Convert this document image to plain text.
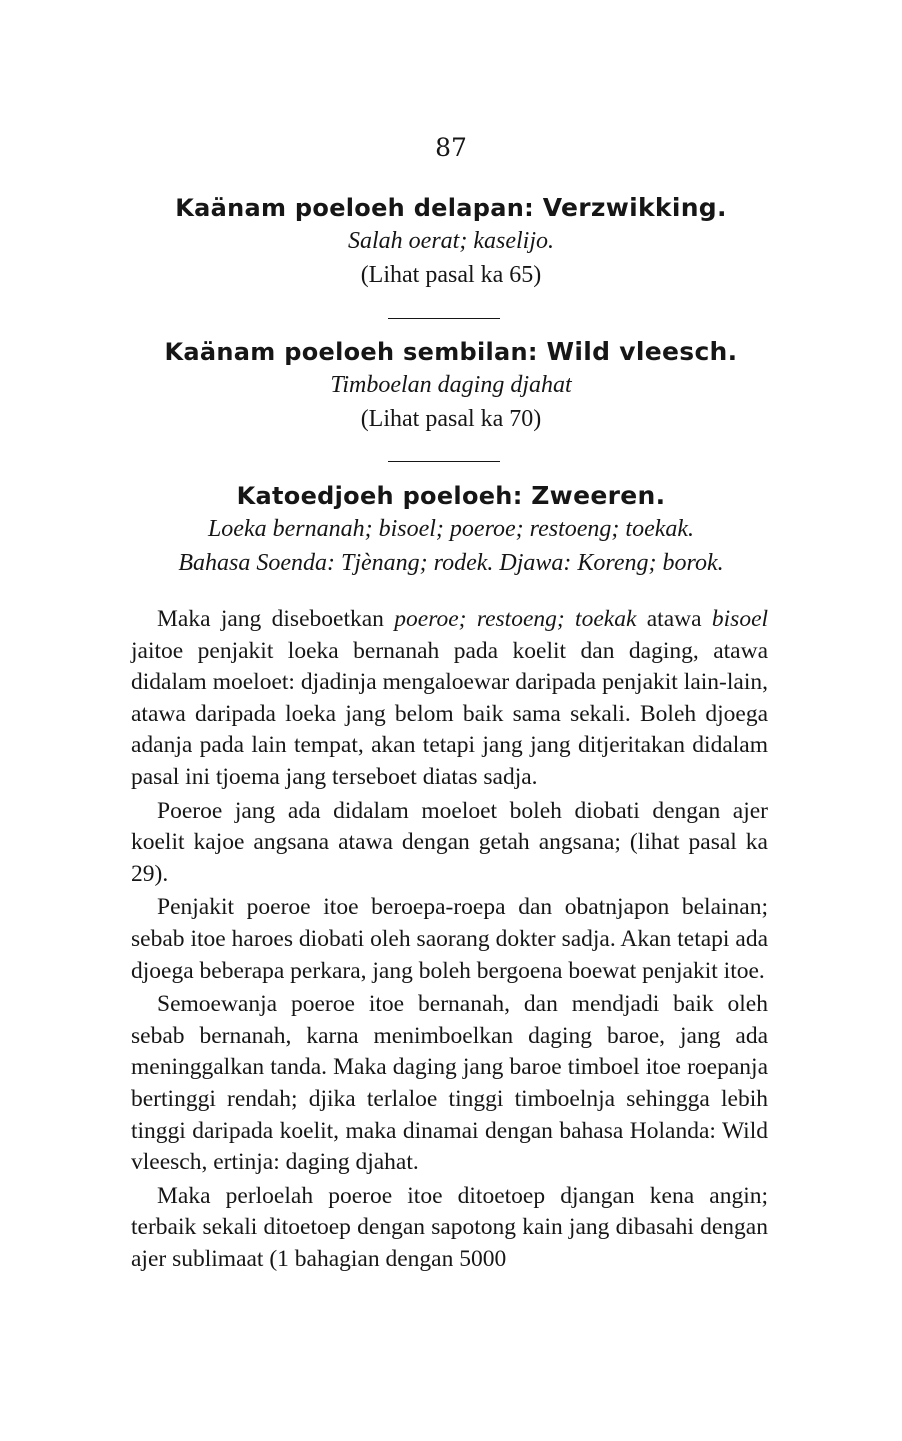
87
Kaänam poeloeh delapan: Verzwikking.
Salah oerat; kaselijo.
(Lihat pasal ka 65)
Kaänam poeloeh sembilan: Wild vleesch.
Timboelan daging djahat
(Lihat pasal ka 70)
Katoedjoeh poeloeh: Zweeren.
Loeka bernanah; bisoel; poeroe; restoeng; toekak.
Bahasa Soenda: Tjènang; rodek. Djawa: Koreng; borok.

Maka jang diseboetkan poeroe; restoeng; toekak atawa bisoel jaitoe penjakit loeka bernanah pada koelit dan daging, atawa didalam moeloet: djadinja mengaloewar daripada penjakit lain-lain, atawa daripada loeka jang belom baik sama sekali. Boleh djoega adanja pada lain tempat, akan tetapi jang jang ditjeritakan didalam pasal ini tjoema jang terseboet diatas sadja.

Poeroe jang ada didalam moeloet boleh diobati dengan ajer koelit kajoe angsana atawa dengan getah angsana; (lihat pasal ka 29).

Penjakit poeroe itoe beroepa-roepa dan obatnjapon belainan; sebab itoe haroes diobati oleh saorang dokter sadja. Akan tetapi ada djoega beberapa perkara, jang boleh bergoena boewat penjakit itoe.

Semoewanja poeroe itoe bernanah, dan mendjadi baik oleh sebab bernanah, karna menimboelkan daging baroe, jang ada meninggalkan tanda. Maka daging jang baroe timboel itoe roepanja bertinggi rendah; djika terlaloe tinggi timboelnja sehingga lebih tinggi daripada koelit, maka dinamai dengan bahasa Holanda: Wild vleesch, ertinja: daging djahat.

Maka perloelah poeroe itoe ditoetoep djangan kena angin; terbaik sekali ditoetoep dengan sapotong kain jang dibasahi dengan ajer sublimaat (1 bahagian dengan 5000
